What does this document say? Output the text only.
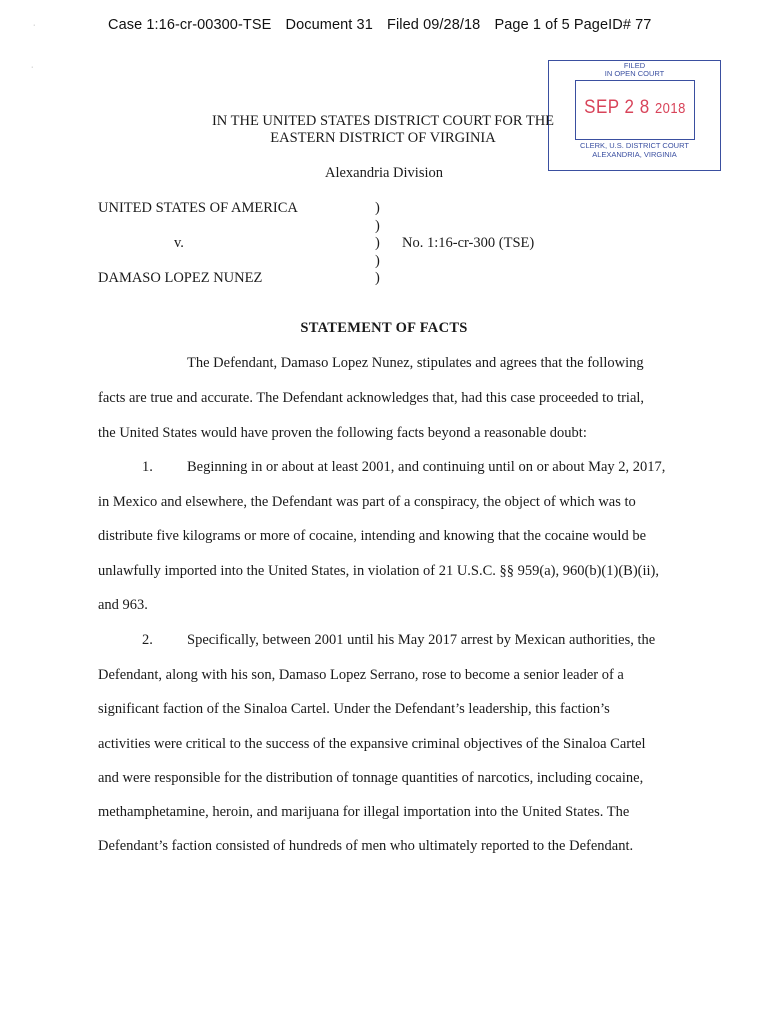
Case 1:16-cr-00300-TSE Document 31 Filed 09/28/18 Page 1 of 5 PageID# 77
·
·	FILED
IN OPEN COURT
SEP 2 8 2018
CLERK, U.S. DISTRICT COURT
ALEXANDRIA, VIRGINIA
IN THE UNITED STATES DISTRICT COURT FOR THE
EASTERN DISTRICT OF VIRGINIA
Alexandria Division
UNITED STATES OF AMERICA
v.
DAMASO LOPEZ NUNEZ
)
)
)
)
)
No. 1:16-cr-300 (TSE)
STATEMENT OF FACTS
The Defendant, Damaso Lopez Nunez, stipulates and agrees that the following
facts are true and accurate. The Defendant acknowledges that, had this case proceeded to trial,
the United States would have proven the following facts beyond a reasonable doubt:
1. Beginning in or about at least 2001, and continuing until on or about May 2, 2017,
in Mexico and elsewhere, the Defendant was part of a conspiracy, the object of which was to
distribute five kilograms or more of cocaine, intending and knowing that the cocaine would be
unlawfully imported into the United States, in violation of 21 U.S.C. §§ 959(a), 960(b)(1)(B)(ii),
and 963.
2. Specifically, between 2001 until his May 2017 arrest by Mexican authorities, the
Defendant, along with his son, Damaso Lopez Serrano, rose to become a senior leader of a
significant faction of the Sinaloa Cartel. Under the Defendant’s leadership, this faction’s
activities were critical to the success of the expansive criminal objectives of the Sinaloa Cartel
and were responsible for the distribution of tonnage quantities of narcotics, including cocaine,
methamphetamine, heroin, and marijuana for illegal importation into the United States. The
Defendant’s faction consisted of hundreds of men who ultimately reported to the Defendant.
